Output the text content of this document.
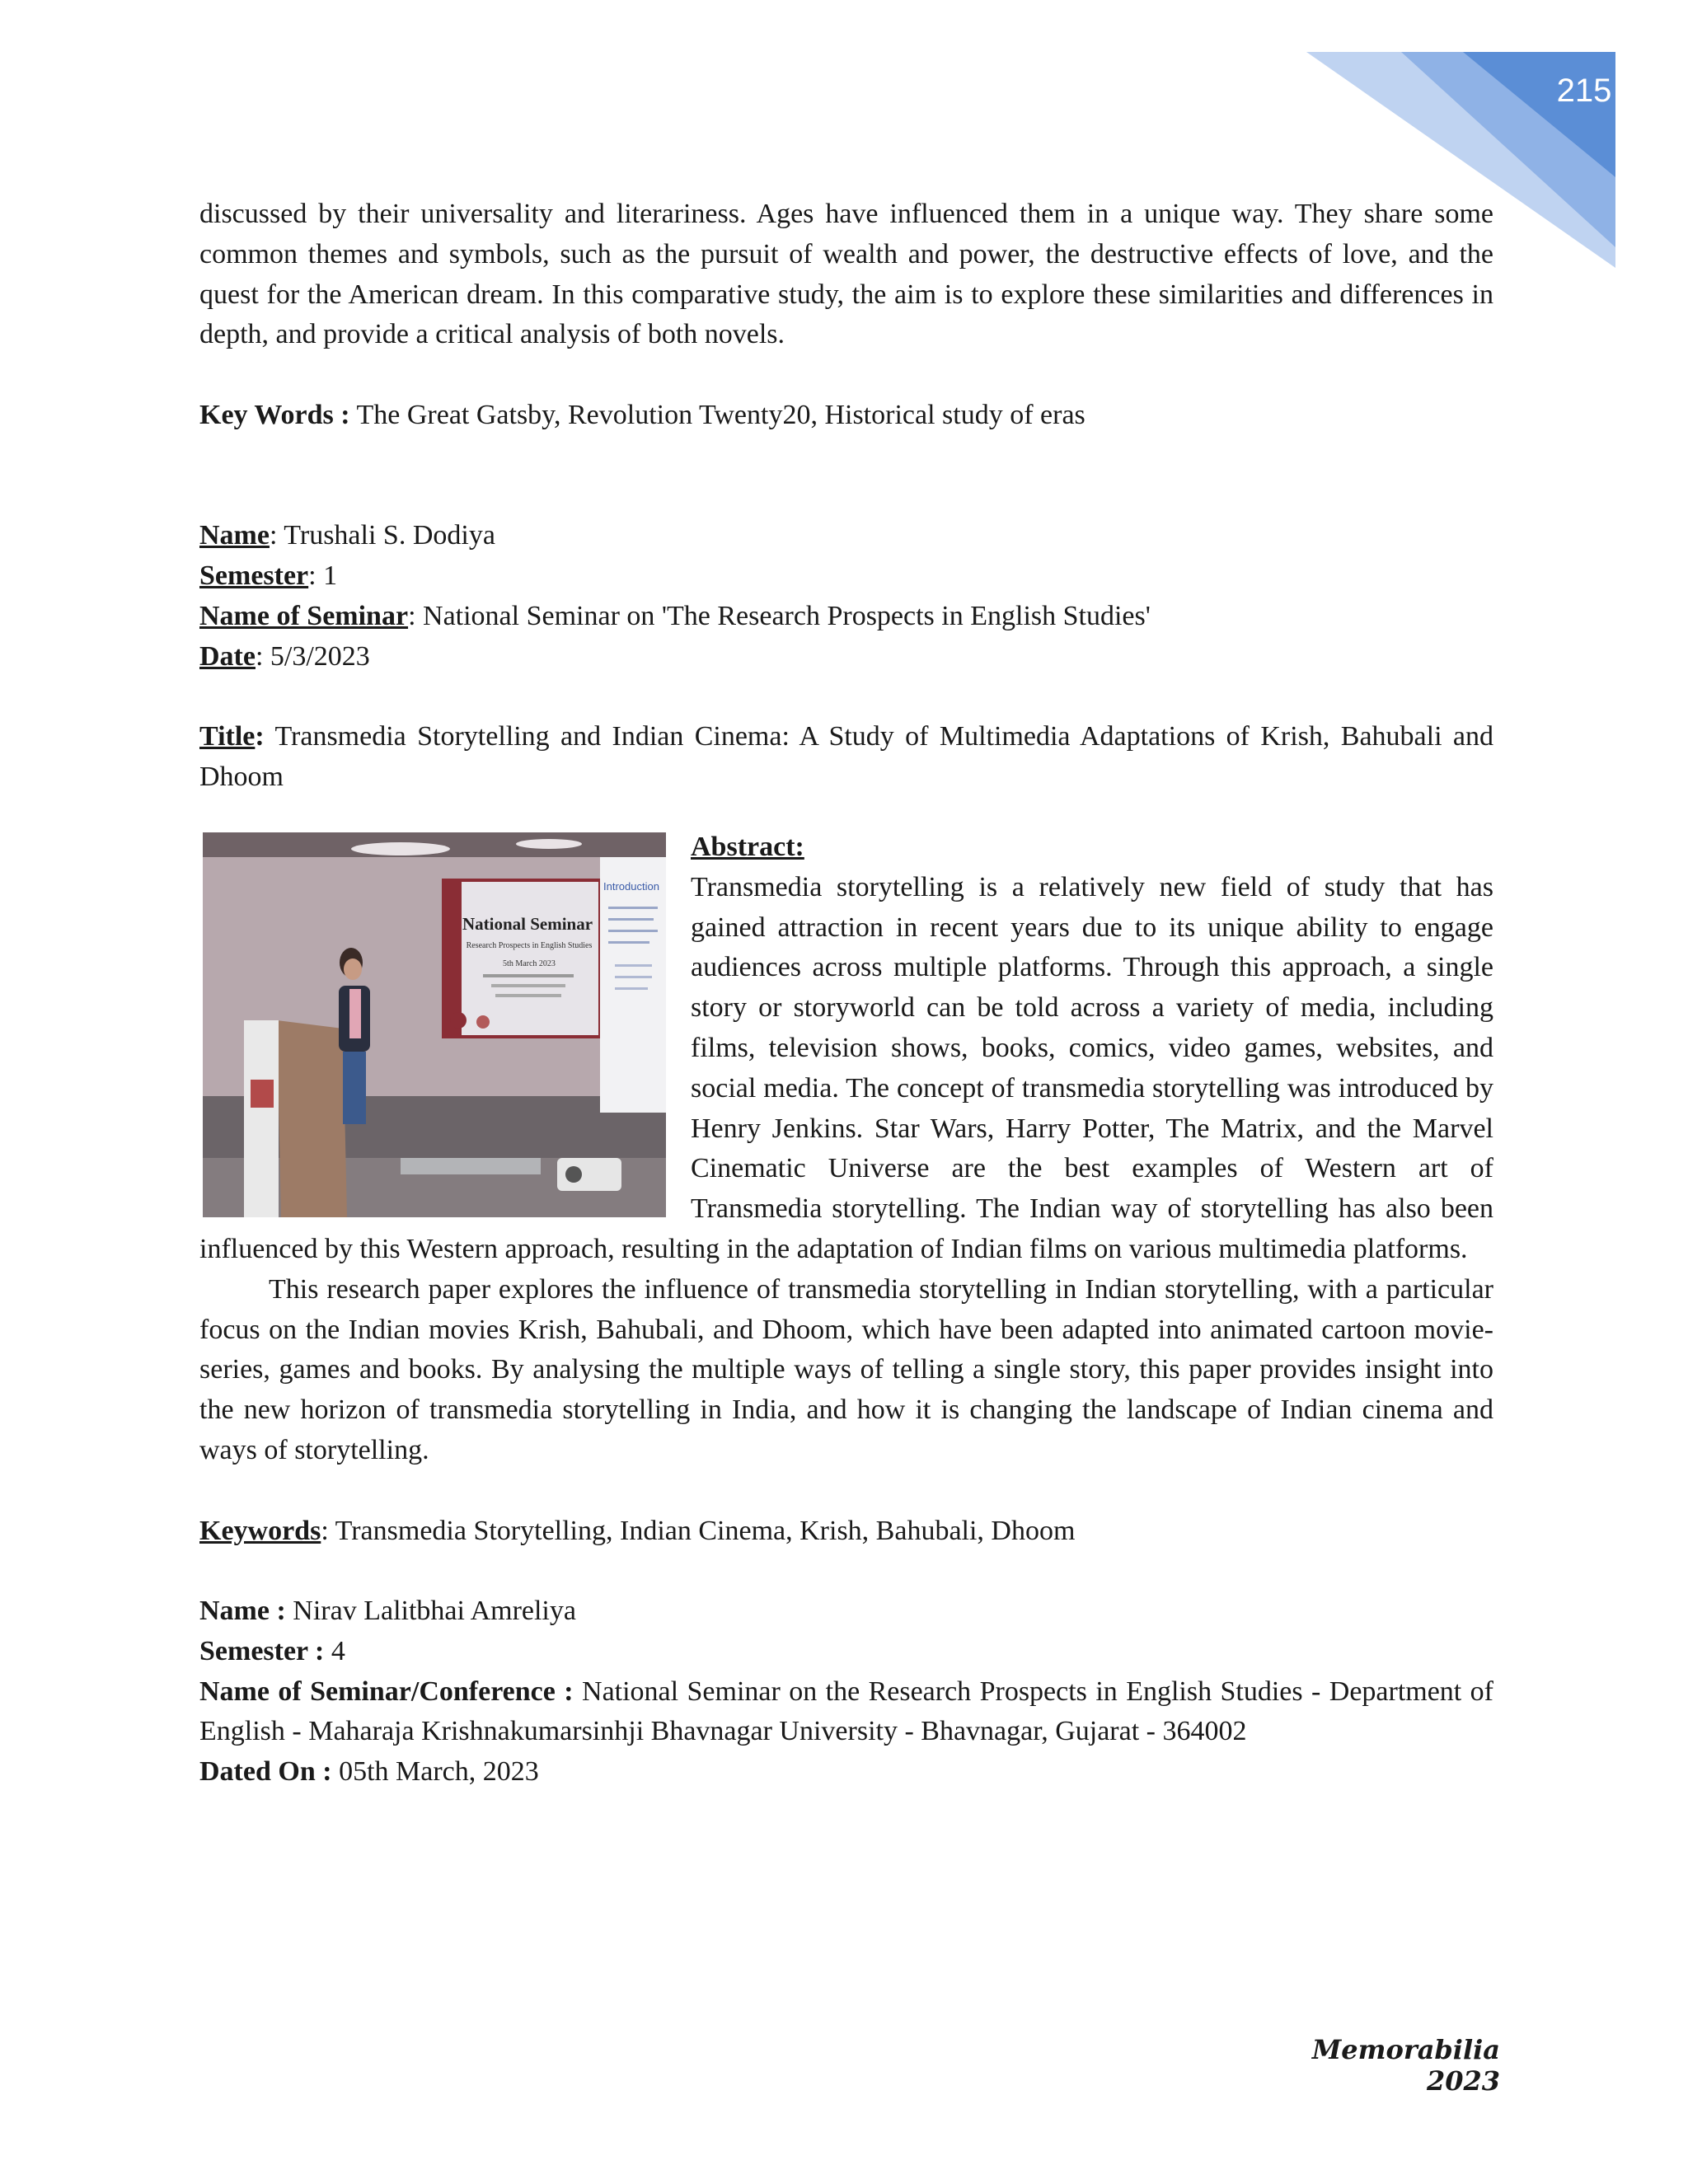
215

discussed by their universality and literariness. Ages have influenced them in a unique way. They share some common themes and symbols, such as the pursuit of wealth and power, the destructive effects of love, and the quest for the American dream. In this comparative study, the aim is to explore these similarities and differences in depth, and provide a critical analysis of both novels.

Key Words : The Great Gatsby, Revolution Twenty20, Historical study of eras

Name: Trushali S. Dodiya

Semester: 1

Name of Seminar: National Seminar on 'The Research Prospects in English Studies'

Date: 5/3/2023

Title: Transmedia Storytelling and Indian Cinema: A Study of Multimedia Adaptations of Krish, Bahubali and Dhoom

National Seminar
Research Prospects in English Studies
5th March 2023
Introduction

Abstract:

Transmedia storytelling is a relatively new field of study that has gained attraction in recent years due to its unique ability to engage audiences across multiple platforms. Through this approach, a single story or storyworld can be told across a variety of media, including films, television shows, books, comics, video games, websites, and social media. The concept of transmedia storytelling was introduced by Henry Jenkins. Star Wars, Harry Potter, The Matrix, and the Marvel Cinematic Universe are the best examples of Western art of Transmedia storytelling. The Indian way of storytelling has also been influenced by this Western approach, resulting in the adaptation of Indian films on various multimedia platforms.

This research paper explores the influence of transmedia storytelling in Indian storytelling, with a particular focus on the Indian movies Krish, Bahubali, and Dhoom, which have been adapted into animated cartoon movie-series, games and books. By analysing the multiple ways of telling a single story, this paper provides insight into the new horizon of transmedia storytelling in India, and how it is changing the landscape of Indian cinema and ways of storytelling.

Keywords: Transmedia Storytelling, Indian Cinema, Krish, Bahubali, Dhoom

Name : Nirav Lalitbhai Amreliya

Semester : 4

Name of Seminar/Conference : National Seminar on the Research Prospects in English Studies - Department of English - Maharaja Krishnakumarsinhji Bhavnagar University - Bhavnagar, Gujarat - 364002

Dated On : 05th March, 2023

Memorabilia 2023
